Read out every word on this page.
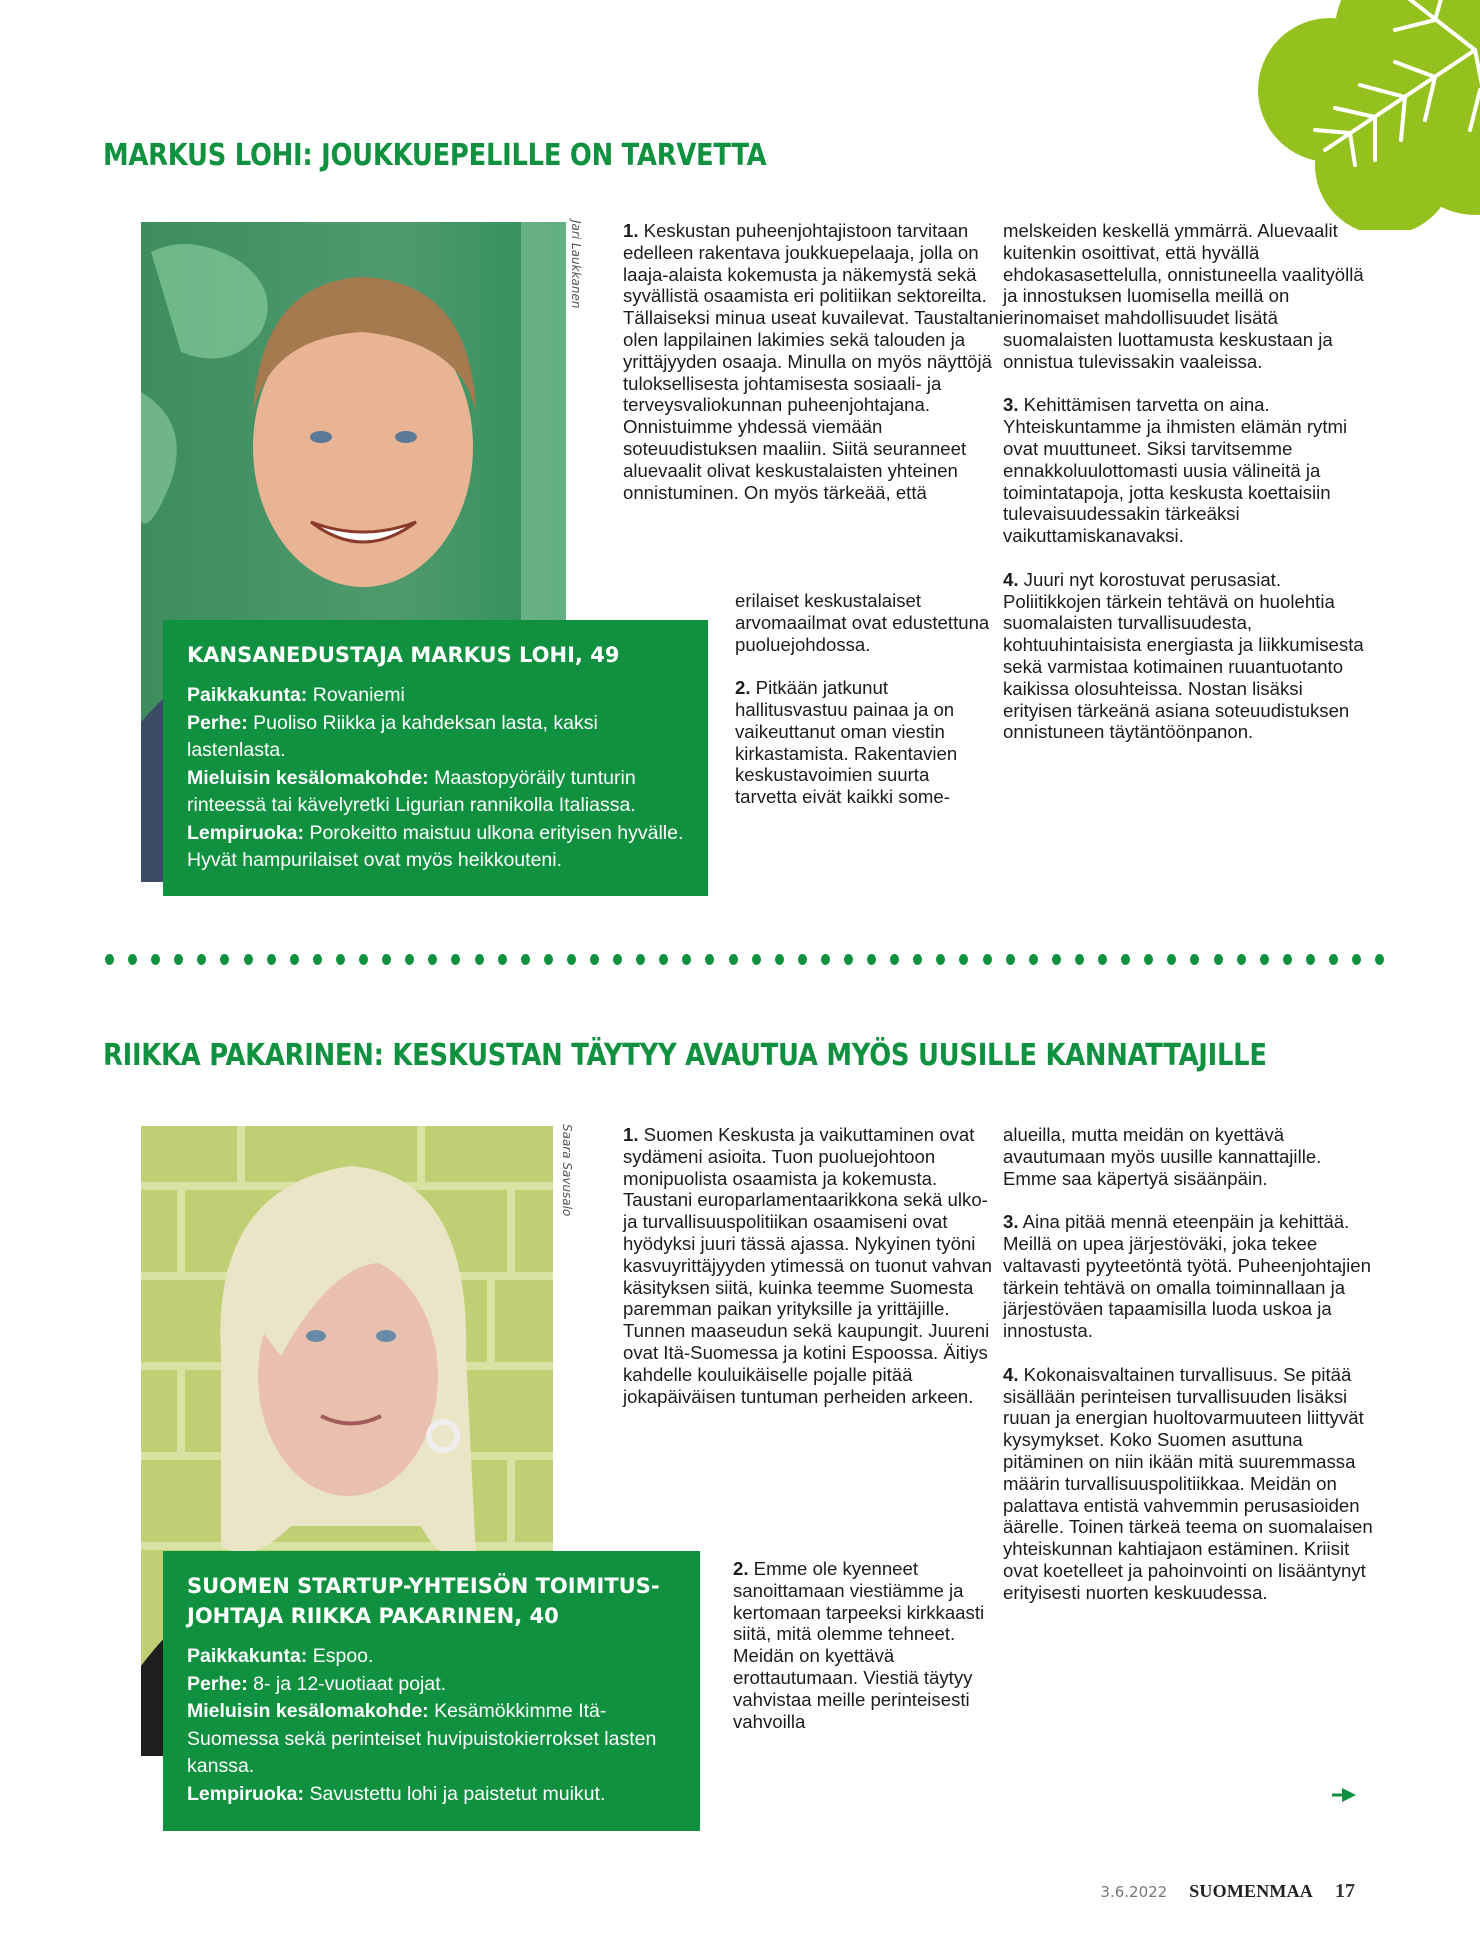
MARKUS LOHI: JOUKKUEPELILLE ON TARVETTA
Jari Laukkanen
KANSANEDUSTAJA MARKUS LOHI, 49

Paikkakunta: Rovaniemi

Perhe: Puoliso Riikka ja kahdeksan lasta, kaksi lastenlasta.

Mieluisin kesälomakohde: Maastopyöräily tunturin rinteessä tai kävelyretki Ligurian rannikolla Italiassa.

Lempiruoka: Porokeitto maistuu ulkona erityisen hyvälle. Hyvät hampurilaiset ovat myös heikkouteni.

1. Keskustan puheenjohtajistoon tarvitaan edelleen rakentava joukkuepelaaja, jolla on laaja-alaista kokemusta ja näkemystä sekä syvällistä osaamista eri politiikan sektoreilta. Tällaiseksi minua useat kuvailevat. Taustaltani olen lappilainen lakimies sekä talouden ja yrittäjyyden osaaja. Minulla on myös näyttöjä tuloksellisesta johtamisesta sosiaali- ja terveysvaliokunnan puheenjohtajana. Onnistuimme yhdessä viemään soteuudistuksen maaliin. Siitä seuranneet aluevaalit olivat keskustalaisten yhteinen onnistuminen. On myös tärkeää, että

erilaiset keskustalaiset arvomaailmat ovat edustettuna puoluejohdossa.

2. Pitkään jatkunut hallitusvastuu painaa ja on vaikeuttanut oman viestin kirkastamista. Rakentavien keskustavoimien suurta tarvetta eivät kaikki some-

melskeiden keskellä ymmärrä. Aluevaalit kuitenkin osoittivat, että hyvällä ehdokasasettelulla, onnistuneella vaalityöllä ja innostuksen luomisella meillä on erinomaiset mahdollisuudet lisätä suomalaisten luottamusta keskustaan ja onnistua tulevissakin vaaleissa.

3. Kehittämisen tarvetta on aina. Yhteiskuntamme ja ihmisten elämän rytmi ovat muuttuneet. Siksi tarvitsemme ennakkoluulottomasti uusia välineitä ja toimintatapoja, jotta keskusta koettaisiin tulevaisuudessakin tärkeäksi vaikuttamiskanavaksi.

4. Juuri nyt korostuvat perusasiat. Poliitikkojen tärkein tehtävä on huolehtia suomalaisten turvallisuudesta, kohtuuhintaisista energiasta ja liikkumisesta sekä varmistaa kotimainen ruuantuotanto kaikissa olosuhteissa. Nostan lisäksi erityisen tärkeänä asiana soteuudistuksen onnistuneen täytäntöönpanon.

RIIKKA PAKARINEN: KESKUSTAN TÄYTYY AVAUTUA MYÖS UUSILLE KANNATTAJILLE
Saara Savusalo
SUOMEN STARTUP-YHTEISÖN TOIMITUS-JOHTAJA RIIKKA PAKARINEN, 40

Paikkakunta: Espoo.

Perhe: 8- ja 12-vuotiaat pojat.

Mieluisin kesälomakohde: Kesämökkimme Itä-Suomessa sekä perinteiset huvipuistokierrokset lasten kanssa.

Lempiruoka: Savustettu lohi ja paistetut muikut.

1. Suomen Keskusta ja vaikuttaminen ovat sydämeni asioita. Tuon puoluejohtoon monipuolista osaamista ja kokemusta. Taustani europarlamentaarikkona sekä ulko- ja turvallisuuspolitiikan osaamiseni ovat hyödyksi juuri tässä ajassa. Nykyinen työni kasvuyrittäjyyden ytimessä on tuonut vahvan käsityksen siitä, kuinka teemme Suomesta paremman paikan yrityksille ja yrittäjille. Tunnen maaseudun sekä kaupungit. Juureni ovat Itä-Suomessa ja kotini Espoossa. Äitiys kahdelle kouluikäiselle pojalle pitää jokapäiväisen tuntuman perheiden arkeen.

2. Emme ole kyenneet sanoittamaan viestiämme ja kertomaan tarpeeksi kirkkaasti siitä, mitä olemme tehneet. Meidän on kyettävä erottautumaan. Viestiä täytyy vahvistaa meille perinteisesti vahvoilla

alueilla, mutta meidän on kyettävä avautumaan myös uusille kannattajille. Emme saa käpertyä sisäänpäin.

3. Aina pitää mennä eteenpäin ja kehittää. Meillä on upea järjestöväki, joka tekee valtavasti pyyteetöntä työtä. Puheenjohtajien tärkein tehtävä on omalla toiminnallaan ja järjestöväen tapaamisilla luoda uskoa ja innostusta.

4. Kokonaisvaltainen turvallisuus. Se pitää sisällään perinteisen turvallisuuden lisäksi ruuan ja energian huoltovarmuuteen liittyvät kysymykset. Koko Suomen asuttuna pitäminen on niin ikään mitä suuremmassa määrin turvallisuuspolitiikkaa. Meidän on palattava entistä vahvemmin perusasioiden äärelle. Toinen tärkeä teema on suomalaisen yhteiskunnan kahtiajaon estäminen. Kriisit ovat koetelleet ja pahoinvointi on lisääntynyt erityisesti nuorten keskuudessa.

3.6.2022 SUOMENMAA 17
